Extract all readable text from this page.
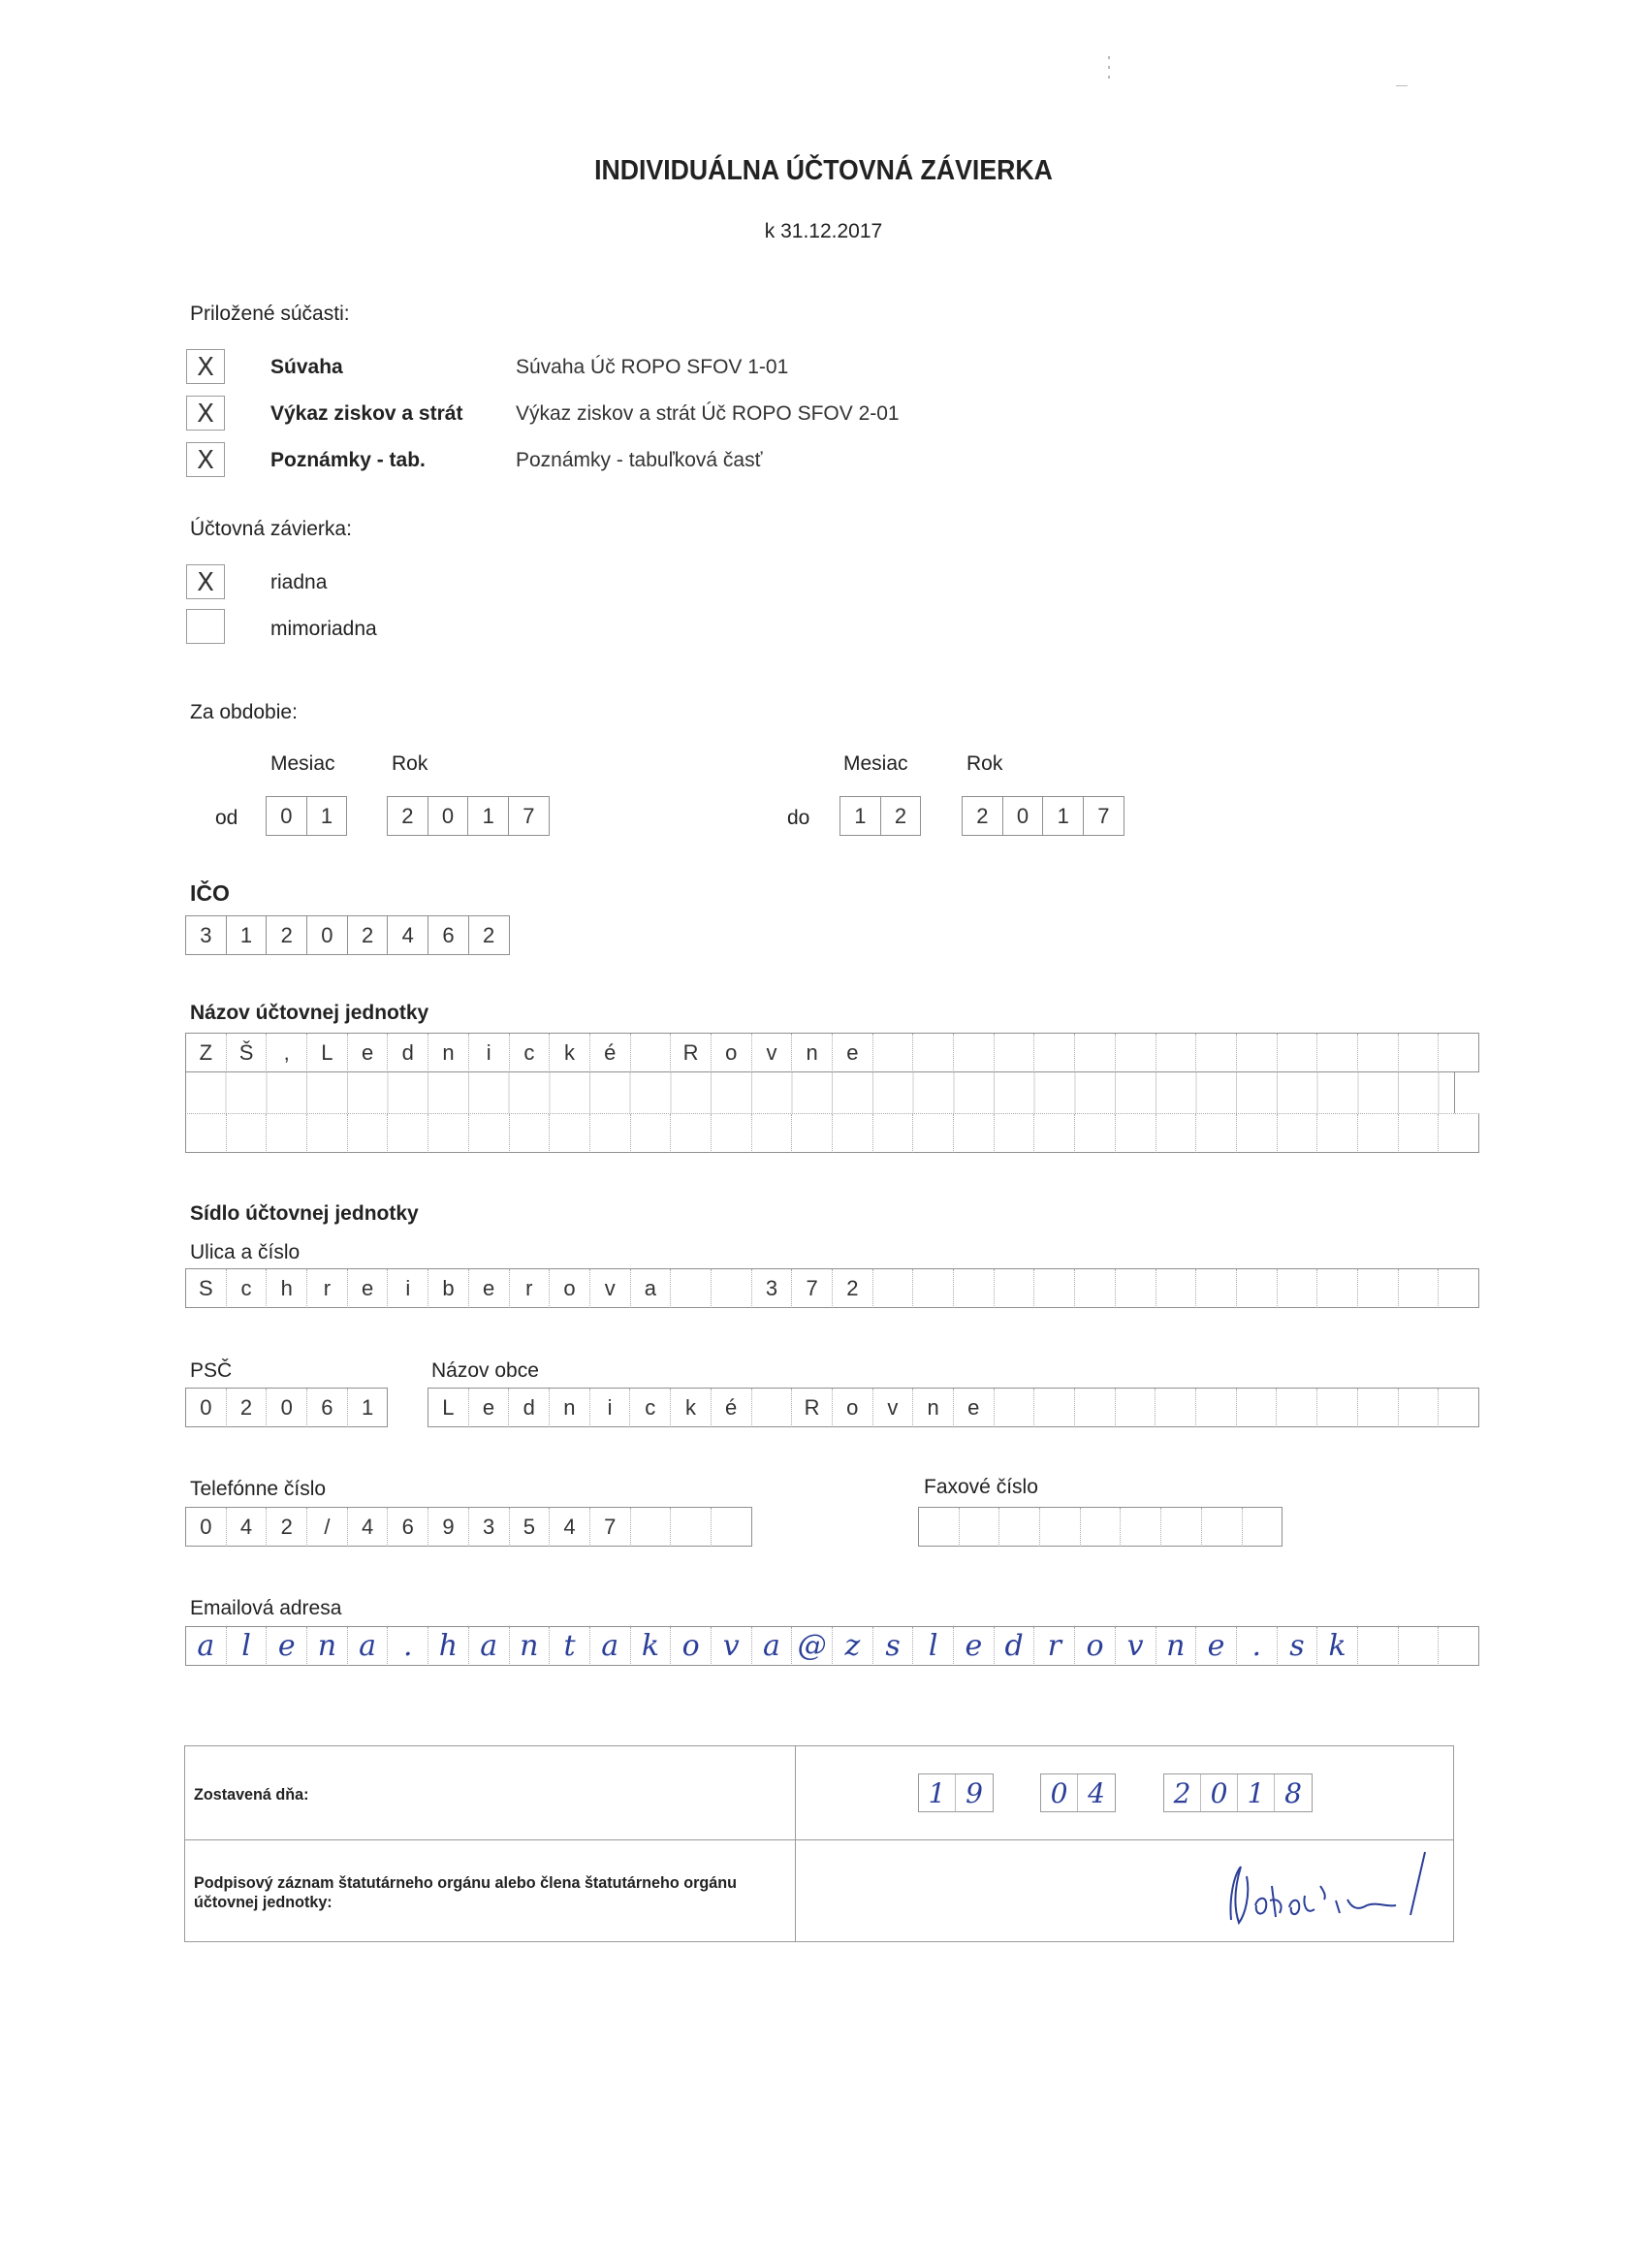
INDIVIDUÁLNA ÚČTOVNÁ ZÁVIERKA
k 31.12.2017
Priložené súčasti:
X	Súvaha	Súvaha Úč ROPO SFOV 1-01
X	Výkaz ziskov a strát	Výkaz ziskov a strát Úč ROPO SFOV 2-01
X	Poznámky - tab.	Poznámky - tabuľková časť
Účtovná závierka:
X	riadna
mimoriadna
Za obdobie:
Mesiac	Rok	Mesiac	Rok
od	0	1	2	0	1	7	do	1	2	2	0	1	7
IČO
3	1	2	0	2	4	6	2
Názov účtovnej jednotky
Z	Š	,	L	e	d	n	i	c	k	é	R	o	v	n	e
Sídlo účtovnej jednotky
Ulica a číslo
S	c	h	r	e	i	b	e	r	o	v	a	3	7	2
PSČ
0	2	0	6	1
Názov obce
L	e	d	n	i	c	k	é	R	o	v	n	e
Telefónne číslo
0	4	2	/	4	6	9	3	5	4	7
Faxové číslo
Emailová adresa
a l e n a . h a n t a k o v a @ z s l e d r o v n e . s k
Zostavená dňa:	1 9	0 4	2 0 1 8
Podpisový záznam štatutárneho orgánu alebo člena štatutárneho orgánu účtovnej jednotky:
